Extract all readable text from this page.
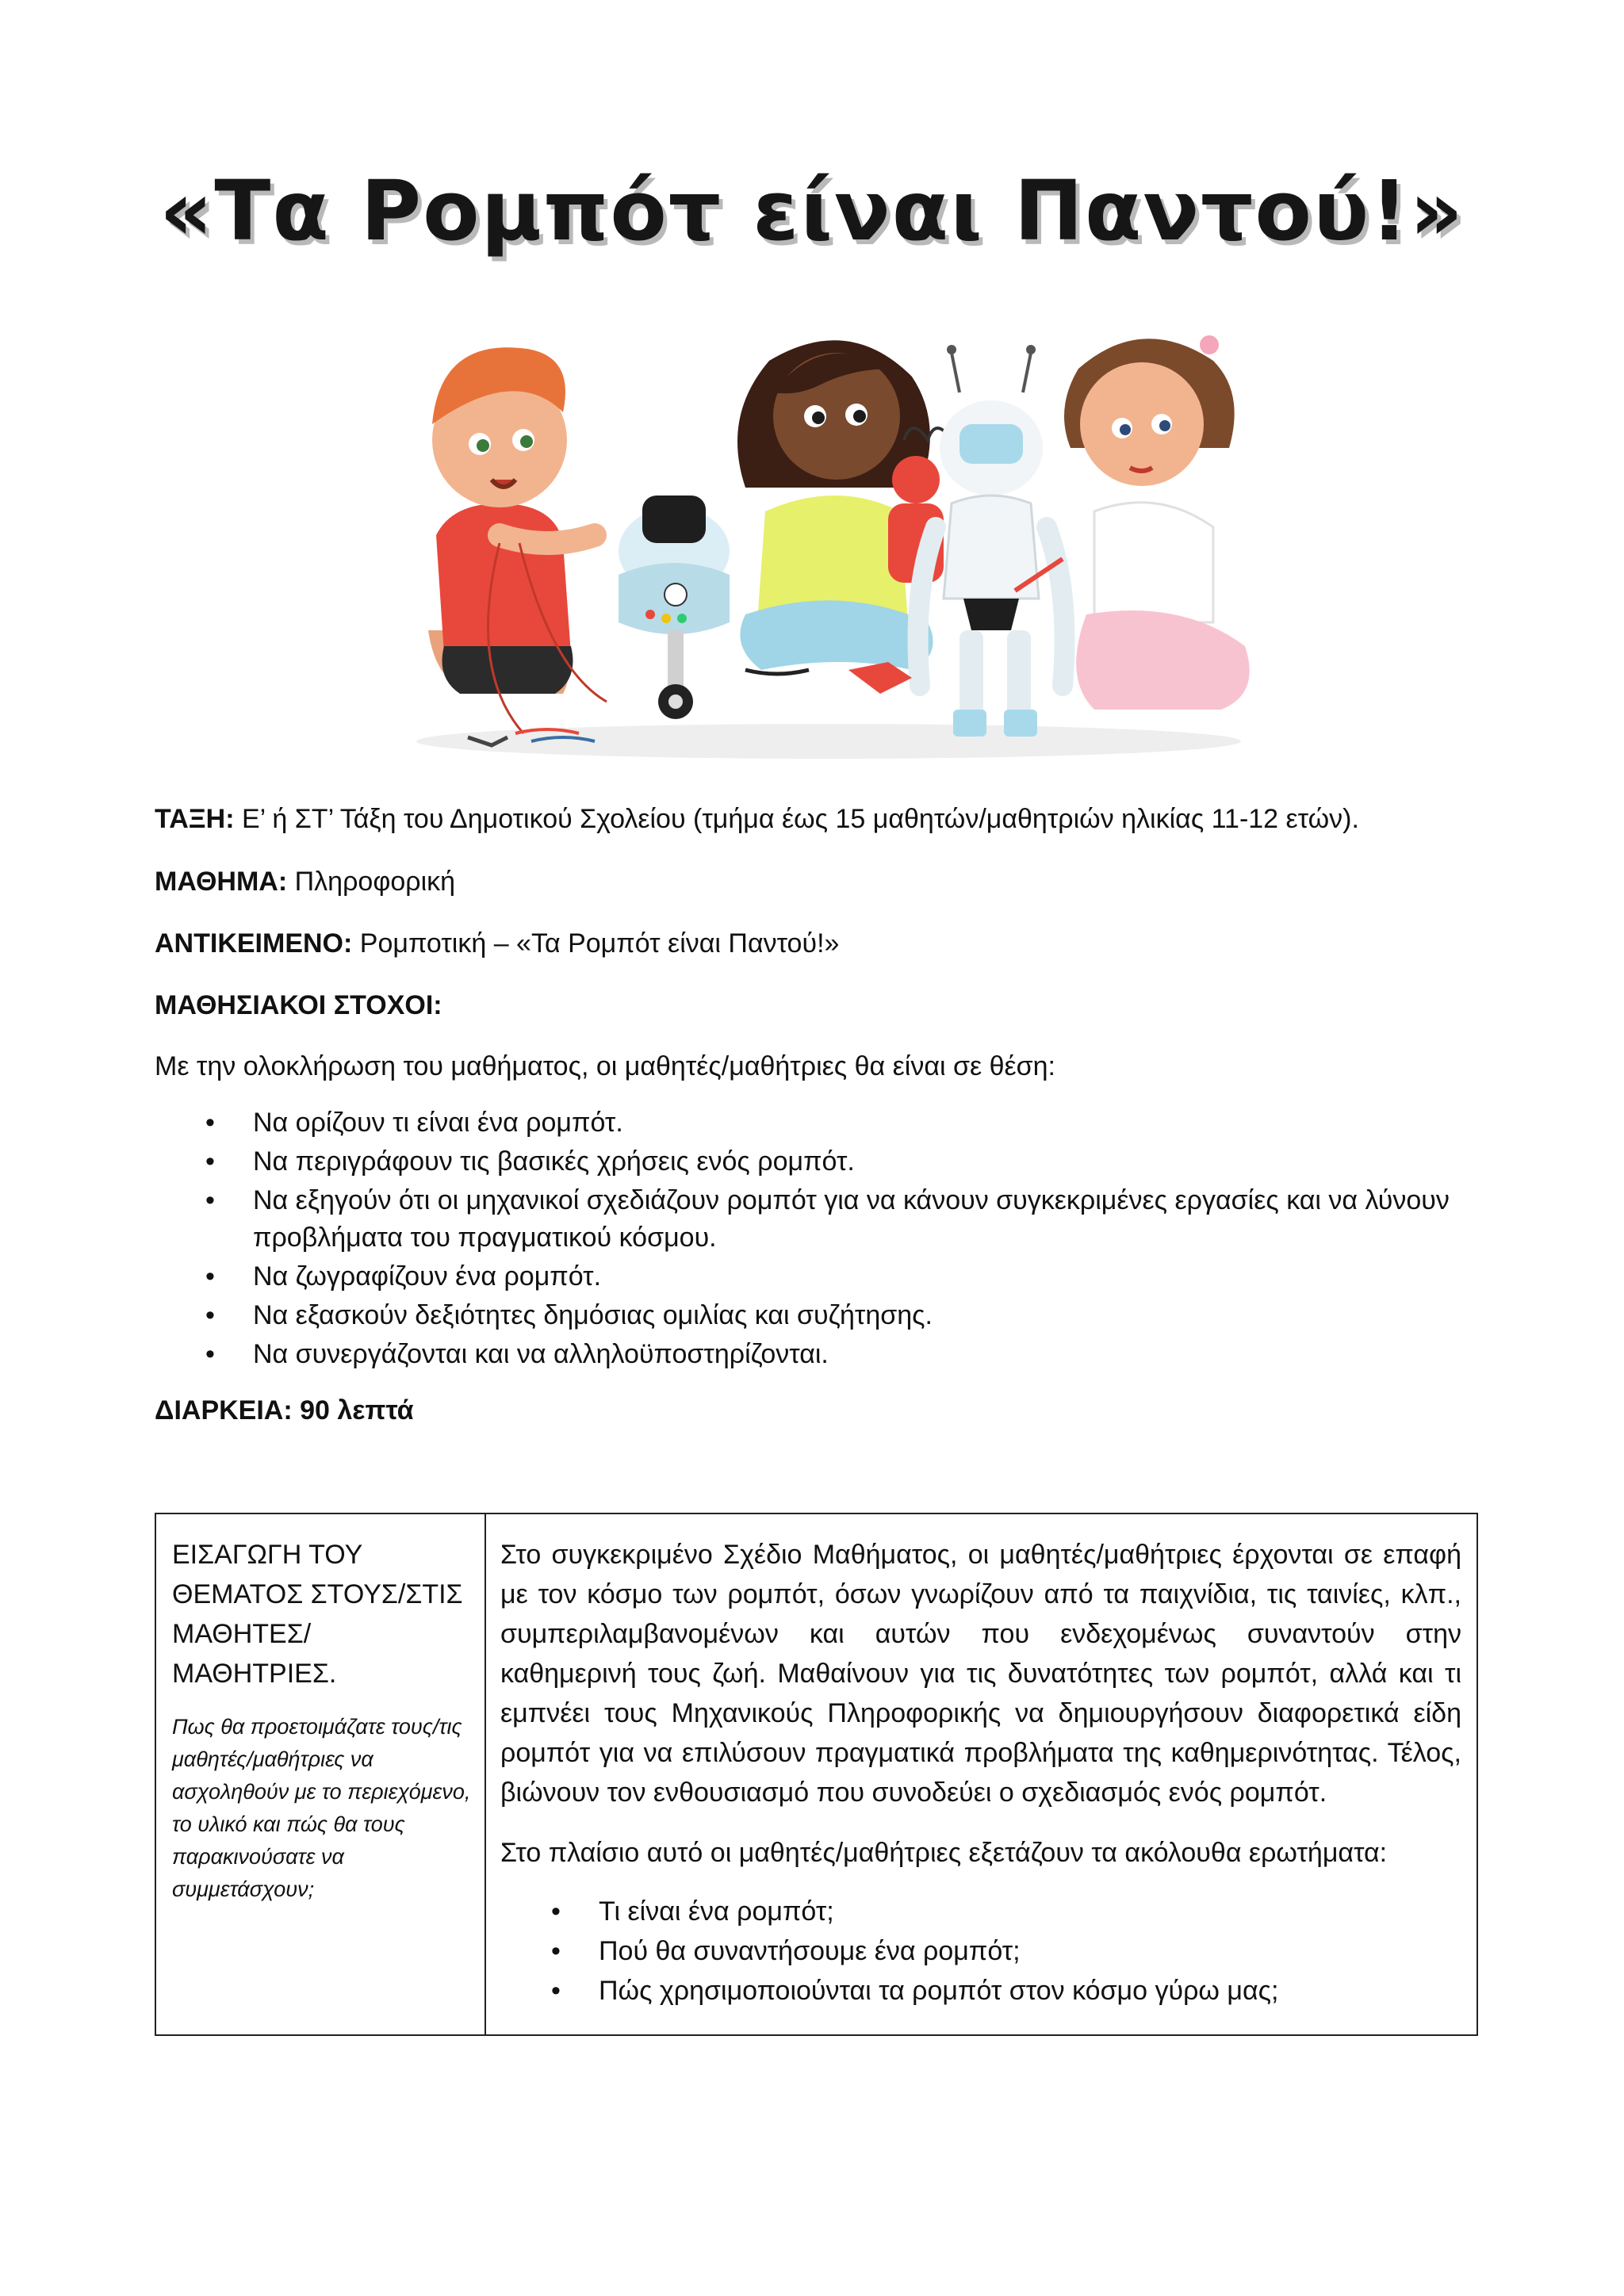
«Τα Ρομπότ είναι Παντού!»
ΤΑΞΗ: Ε’ ή ΣΤ’ Τάξη του Δημοτικού Σχολείου (τμήμα έως 15 μαθητών/μαθητριών ηλικίας 11-12 ετών).
ΜΑΘΗΜΑ: Πληροφορική
ΑΝΤΙΚΕΙΜΕΝΟ: Ρομποτική – «Τα Ρομπότ είναι Παντού!»
ΜΑΘΗΣΙΑΚΟΙ ΣΤΟΧΟΙ:
Με την ολοκλήρωση του μαθήματος, οι μαθητές/μαθήτριες θα είναι σε θέση:
• Να ορίζουν τι είναι ένα ρομπότ.
• Να περιγράφουν τις βασικές χρήσεις ενός ρομπότ.
• Να εξηγούν ότι οι μηχανικοί σχεδιάζουν ρομπότ για να κάνουν συγκεκριμένες εργασίες και να λύνουν προβλήματα του πραγματικού κόσμου.
• Να ζωγραφίζουν ένα ρομπότ.
• Να εξασκούν δεξιότητες δημόσιας ομιλίας και συζήτησης.
• Να συνεργάζονται και να αλληλοϋποστηρίζονται.
ΔΙΑΡΚΕΙΑ: 90 λεπτά
ΕΙΣΑΓΩΓΗ ΤΟΥ ΘΕΜΑΤΟΣ ΣΤΟΥΣ/ΣΤΙΣ ΜΑΘΗΤΕΣ/ΜΑΘΗΤΡΙΕΣ.
Πως θα προετοιμάζατε τους/τις μαθητές/μαθήτριες να ασχοληθούν με το περιεχόμενο, το υλικό και πώς θα τους παρακινούσατε να συμμετάσχουν;

Στο συγκεκριμένο Σχέδιο Μαθήματος, οι μαθητές/μαθήτριες έρχονται σε επαφή με τον κόσμο των ρομπότ, όσων γνωρίζουν από τα παιχνίδια, τις ταινίες, κλπ., συμπεριλαμβανομένων και αυτών που ενδεχομένως συναντούν στην καθημερινή τους ζωή. Μαθαίνουν για τις δυνατότητες των ρομπότ, αλλά και τι εμπνέει τους Μηχανικούς Πληροφορικής να δημιουργήσουν διαφορετικά είδη ρομπότ για να επιλύσουν πραγματικά προβλήματα της καθημερινότητας. Τέλος, βιώνουν τον ενθουσιασμό που συνοδεύει ο σχεδιασμός ενός ρομπότ.

Στο πλαίσιο αυτό οι μαθητές/μαθήτριες εξετάζουν τα ακόλουθα ερωτήματα:

• Τι είναι ένα ρομπότ;
• Πού θα συναντήσουμε ένα ρομπότ;
• Πώς χρησιμοποιούνται τα ρομπότ στον κόσμο γύρω μας;
